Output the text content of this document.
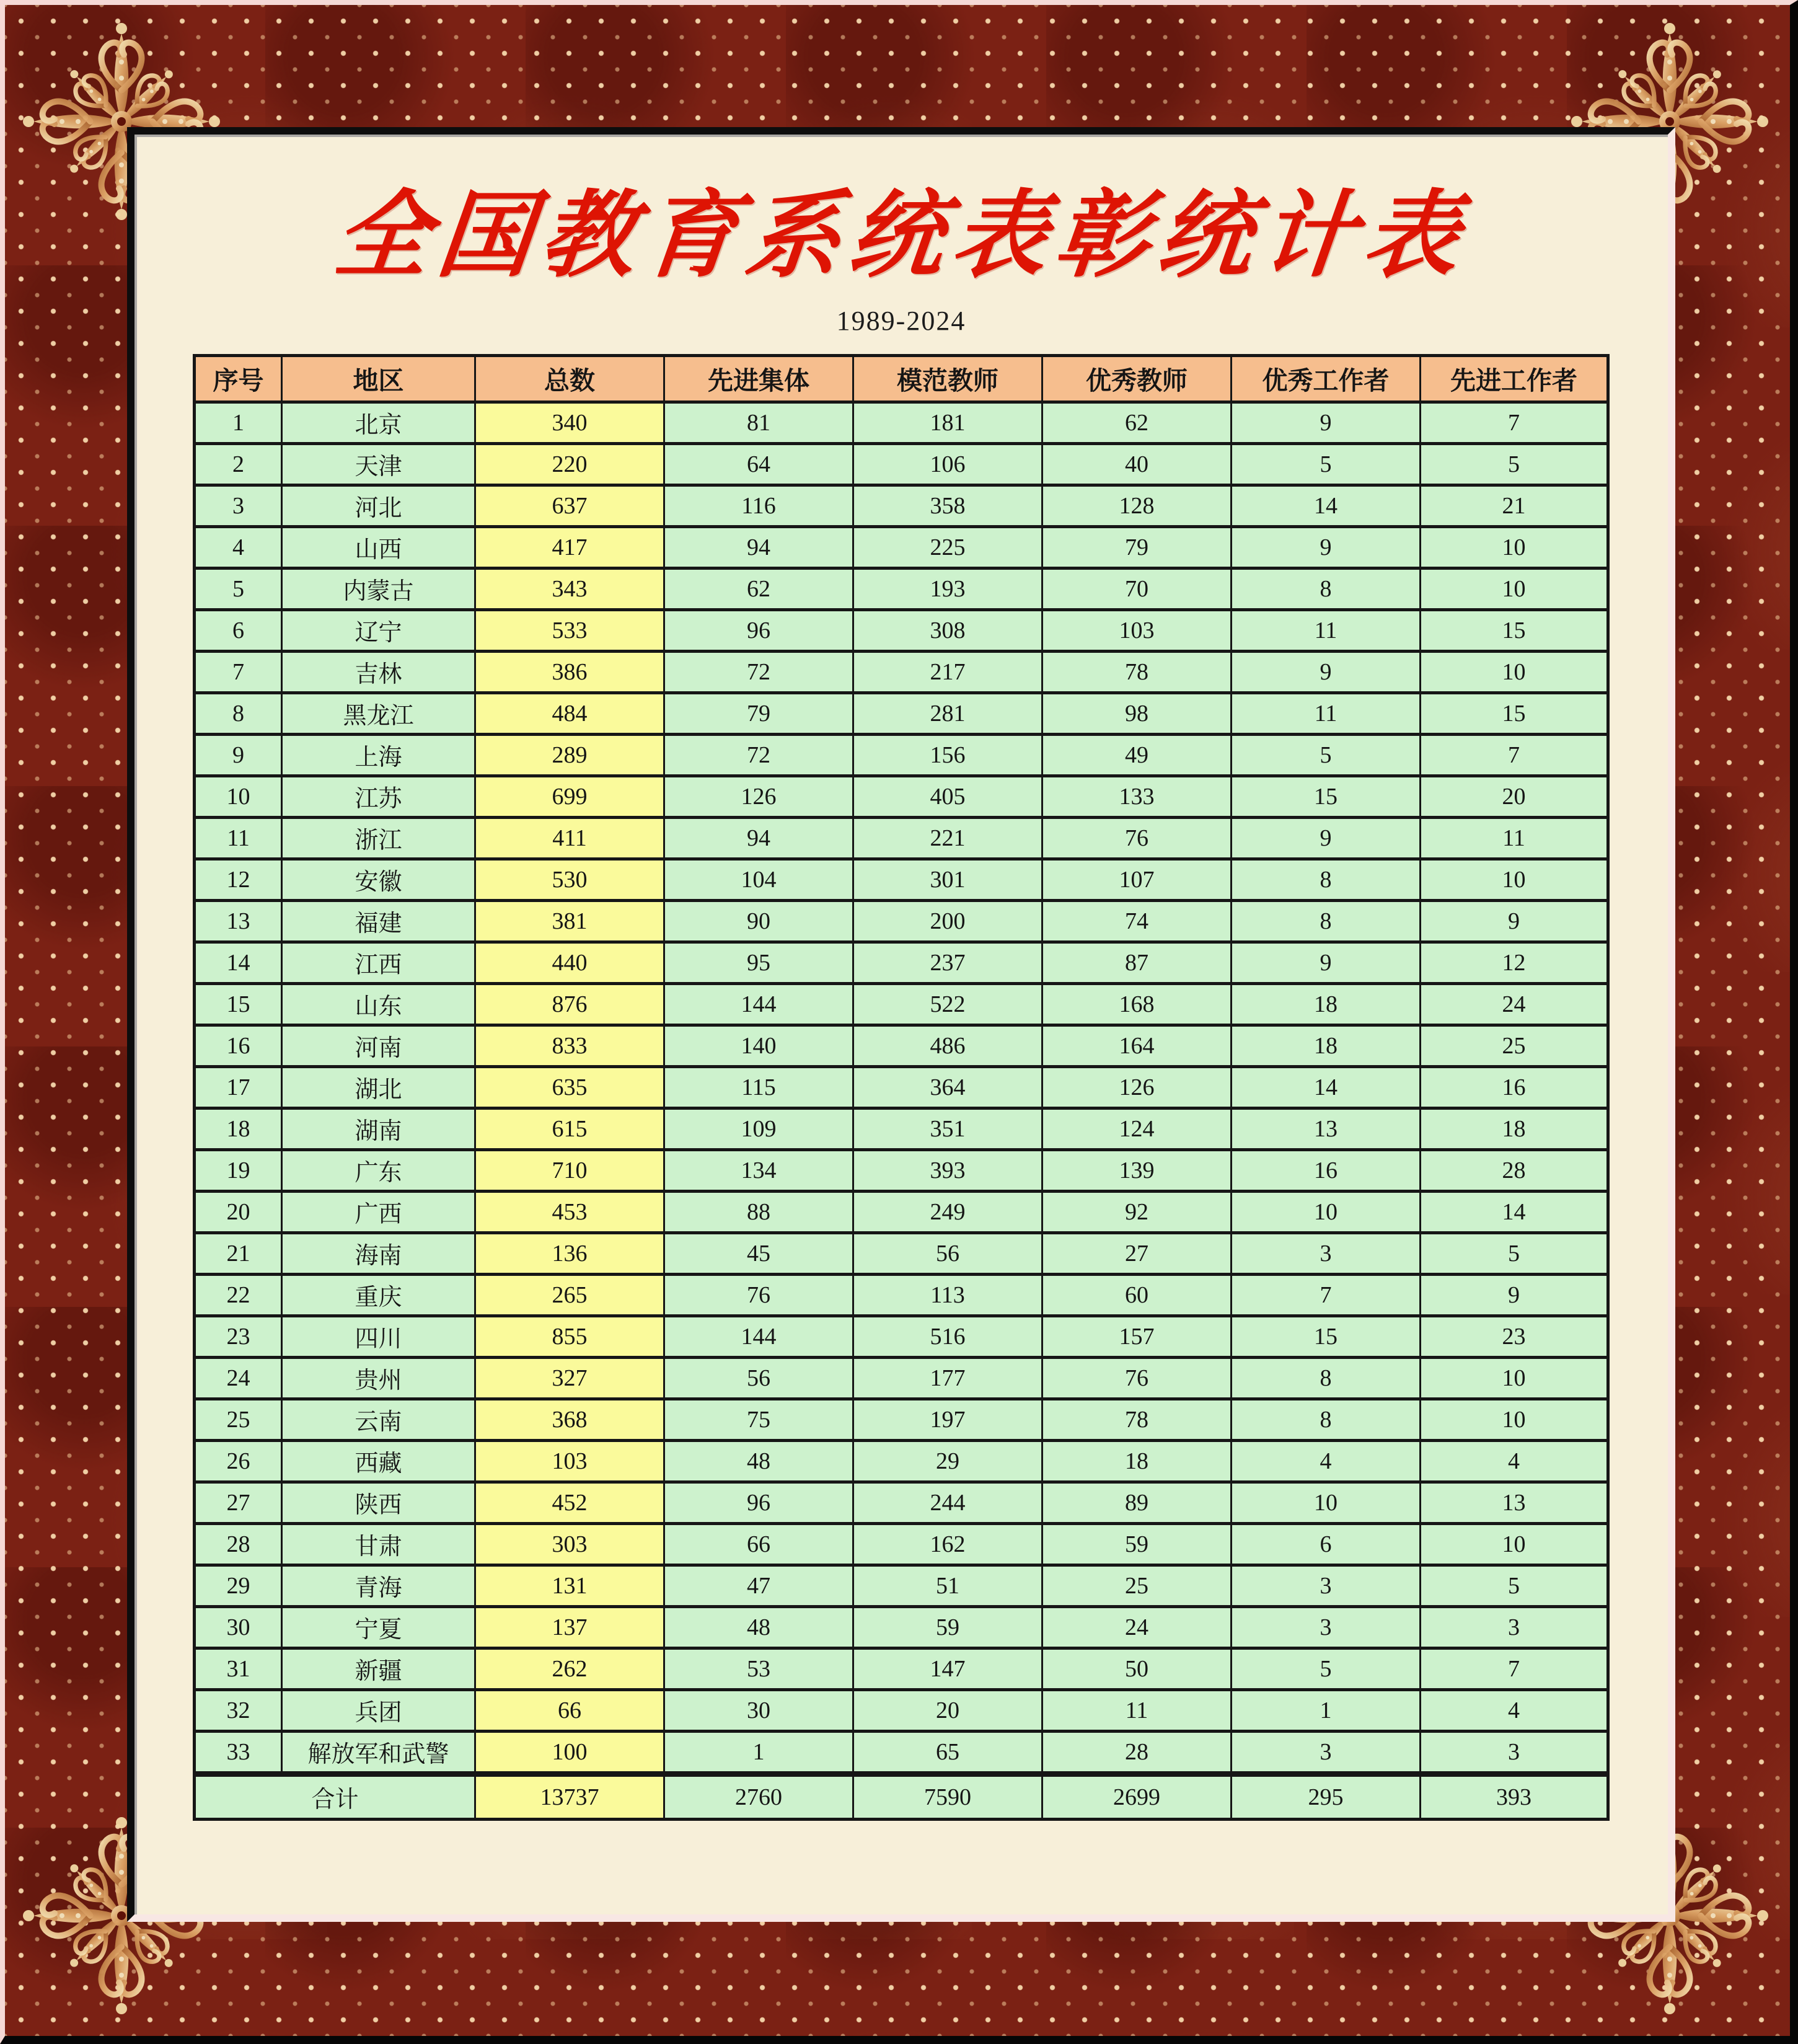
全国教育系统表彰统计表
1989-2024
序号	地区	总数	先进集体	模范教师	优秀教师	优秀工作者	先进工作者
1	北京	340	81	181	62	9	7
2	天津	220	64	106	40	5	5
3	河北	637	116	358	128	14	21
4	山西	417	94	225	79	9	10
5	内蒙古	343	62	193	70	8	10
6	辽宁	533	96	308	103	11	15
7	吉林	386	72	217	78	9	10
8	黑龙江	484	79	281	98	11	15
9	上海	289	72	156	49	5	7
10	江苏	699	126	405	133	15	20
11	浙江	411	94	221	76	9	11
12	安徽	530	104	301	107	8	10
13	福建	381	90	200	74	8	9
14	江西	440	95	237	87	9	12
15	山东	876	144	522	168	18	24
16	河南	833	140	486	164	18	25
17	湖北	635	115	364	126	14	16
18	湖南	615	109	351	124	13	18
19	广东	710	134	393	139	16	28
20	广西	453	88	249	92	10	14
21	海南	136	45	56	27	3	5
22	重庆	265	76	113	60	7	9
23	四川	855	144	516	157	15	23
24	贵州	327	56	177	76	8	10
25	云南	368	75	197	78	8	10
26	西藏	103	48	29	18	4	4
27	陕西	452	96	244	89	10	13
28	甘肃	303	66	162	59	6	10
29	青海	131	47	51	25	3	5
30	宁夏	137	48	59	24	3	3
31	新疆	262	53	147	50	5	7
32	兵团	66	30	20	11	1	4
33	解放军和武警	100	1	65	28	3	3
合计		13737	2760	7590	2699	295	393
